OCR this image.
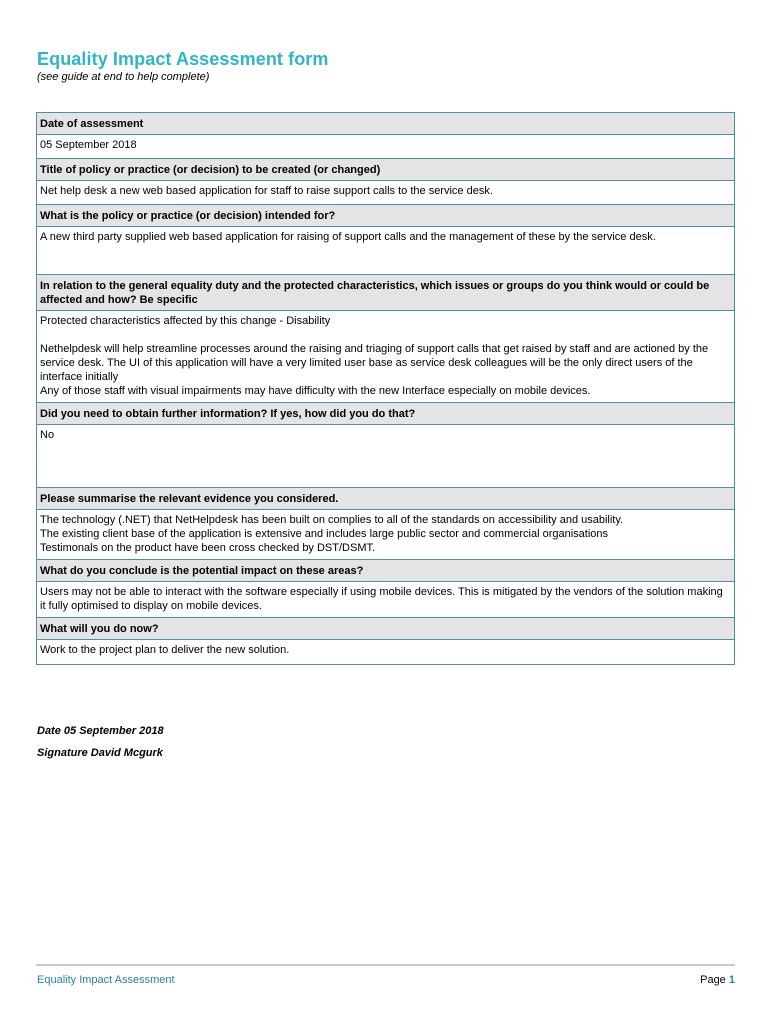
Equality Impact Assessment form
(see guide at end to help complete)
Date of assessment

05 September 2018

Title of policy or practice (or decision) to be created (or changed)

Net help desk a new web based application for staff to raise support calls to the service desk.

What is the policy or practice (or decision) intended for?

A new third party supplied web based application for raising of support calls and the management of these by the service desk.

In relation to the general equality duty and the protected characteristics, which issues or groups do you think would or could be affected and how? Be specific

Protected characteristics affected by this change - Disability
Nethelpdesk will help streamline processes around the raising and triaging of support calls that get raised by staff and are actioned by the service desk. The UI of this application will have a very limited user base as service desk colleagues will be the only direct users of the interface initially
Any of those staff with visual impairments may have difficulty with the new Interface especially on mobile devices.

Did you need to obtain further information? If yes, how did you do that?

No

Please summarise the relevant evidence you considered.

The technology (.NET) that NetHelpdesk has been built on complies to all of the standards on accessibility and usability.
The existing client base of the application is extensive and includes large public sector and commercial organisations
Testimonals on the product have been cross checked by DST/DSMT.

What do you conclude is the potential impact on these areas?

Users may not be able to interact with the software especially if using mobile devices. This is mitigated by the vendors of the solution making it fully optimised to display on mobile devices.

What will you do now?

Work to the project plan to deliver the new solution.
Date 05 September 2018
Signature David Mcgurk
Equality Impact Assessment	Page 1
